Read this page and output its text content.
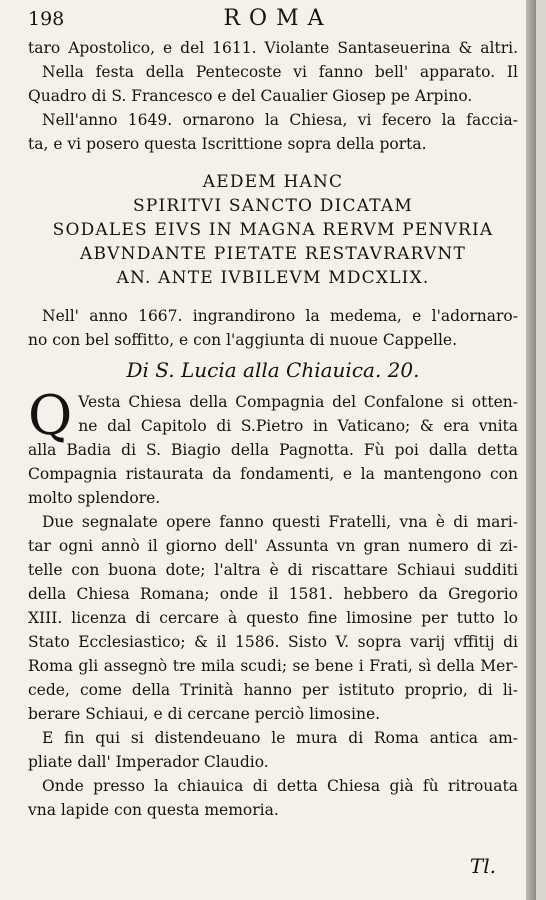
198	ROMA

taro Apostolico, e del 1611. Violante Santaseuerina & altri.

Nella festa della Pentecoste vi fanno bell' apparato. Il

Quadro di S. Francesco e del Caualier Giosep pe Arpino.

Nell'anno 1649. ornarono la Chiesa, vi fecero la faccia-

ta, e vi posero questa Iscrittione sopra della porta.

AEDEM HANC
SPIRITVI SANCTO DICATAM
SODALES EIVS IN MAGNA RERVM PENVRIA
ABVNDANTE PIETATE RESTAVRARVNT
AN. ANTE IVBILEVM MDCXLIX.

Nell' anno 1667. ingrandirono la medema, e l'adornaro-

no con bel soffitto, e con l'aggiunta di nuoue Cappelle.

Di S. Lucia alla Chiauica. 20.
Q Vesta Chiesa della Compagnia del Confalone si otten-

ne dal Capitolo di S.Pietro in Vaticano; & era vnita

alla Badia di S. Biagio della Pagnotta. Fù poi dalla detta

Compagnia ristaurata da fondamenti, e la mantengono con

molto splendore.

Due segnalate opere fanno questi Fratelli, vna è di mari-

tar ogni annò il giorno dell' Assunta vn gran numero di zi-

telle con buona dote; l'altra è di riscattare Schiaui sudditi

della Chiesa Romana; onde il 1581. hebbero da Gregorio

XIII. licenza di cercare à questo fine limosine per tutto lo

Stato Ecclesiastico; & il 1586. Sisto V. sopra varij vffitij di

Roma gli assegnò tre mila scudi; se bene i Frati, sì della Mer-

cede, come della Trinità hanno per istituto proprio, di li-

berare Schiaui, e di cercane perciò limosine.

E fin qui si distendeuano le mura di Roma antica am-

pliate dall' Imperador Claudio.

Onde presso la chiauica di detta Chiesa già fù ritrouata

vna lapide con questa memoria.

Tl.
